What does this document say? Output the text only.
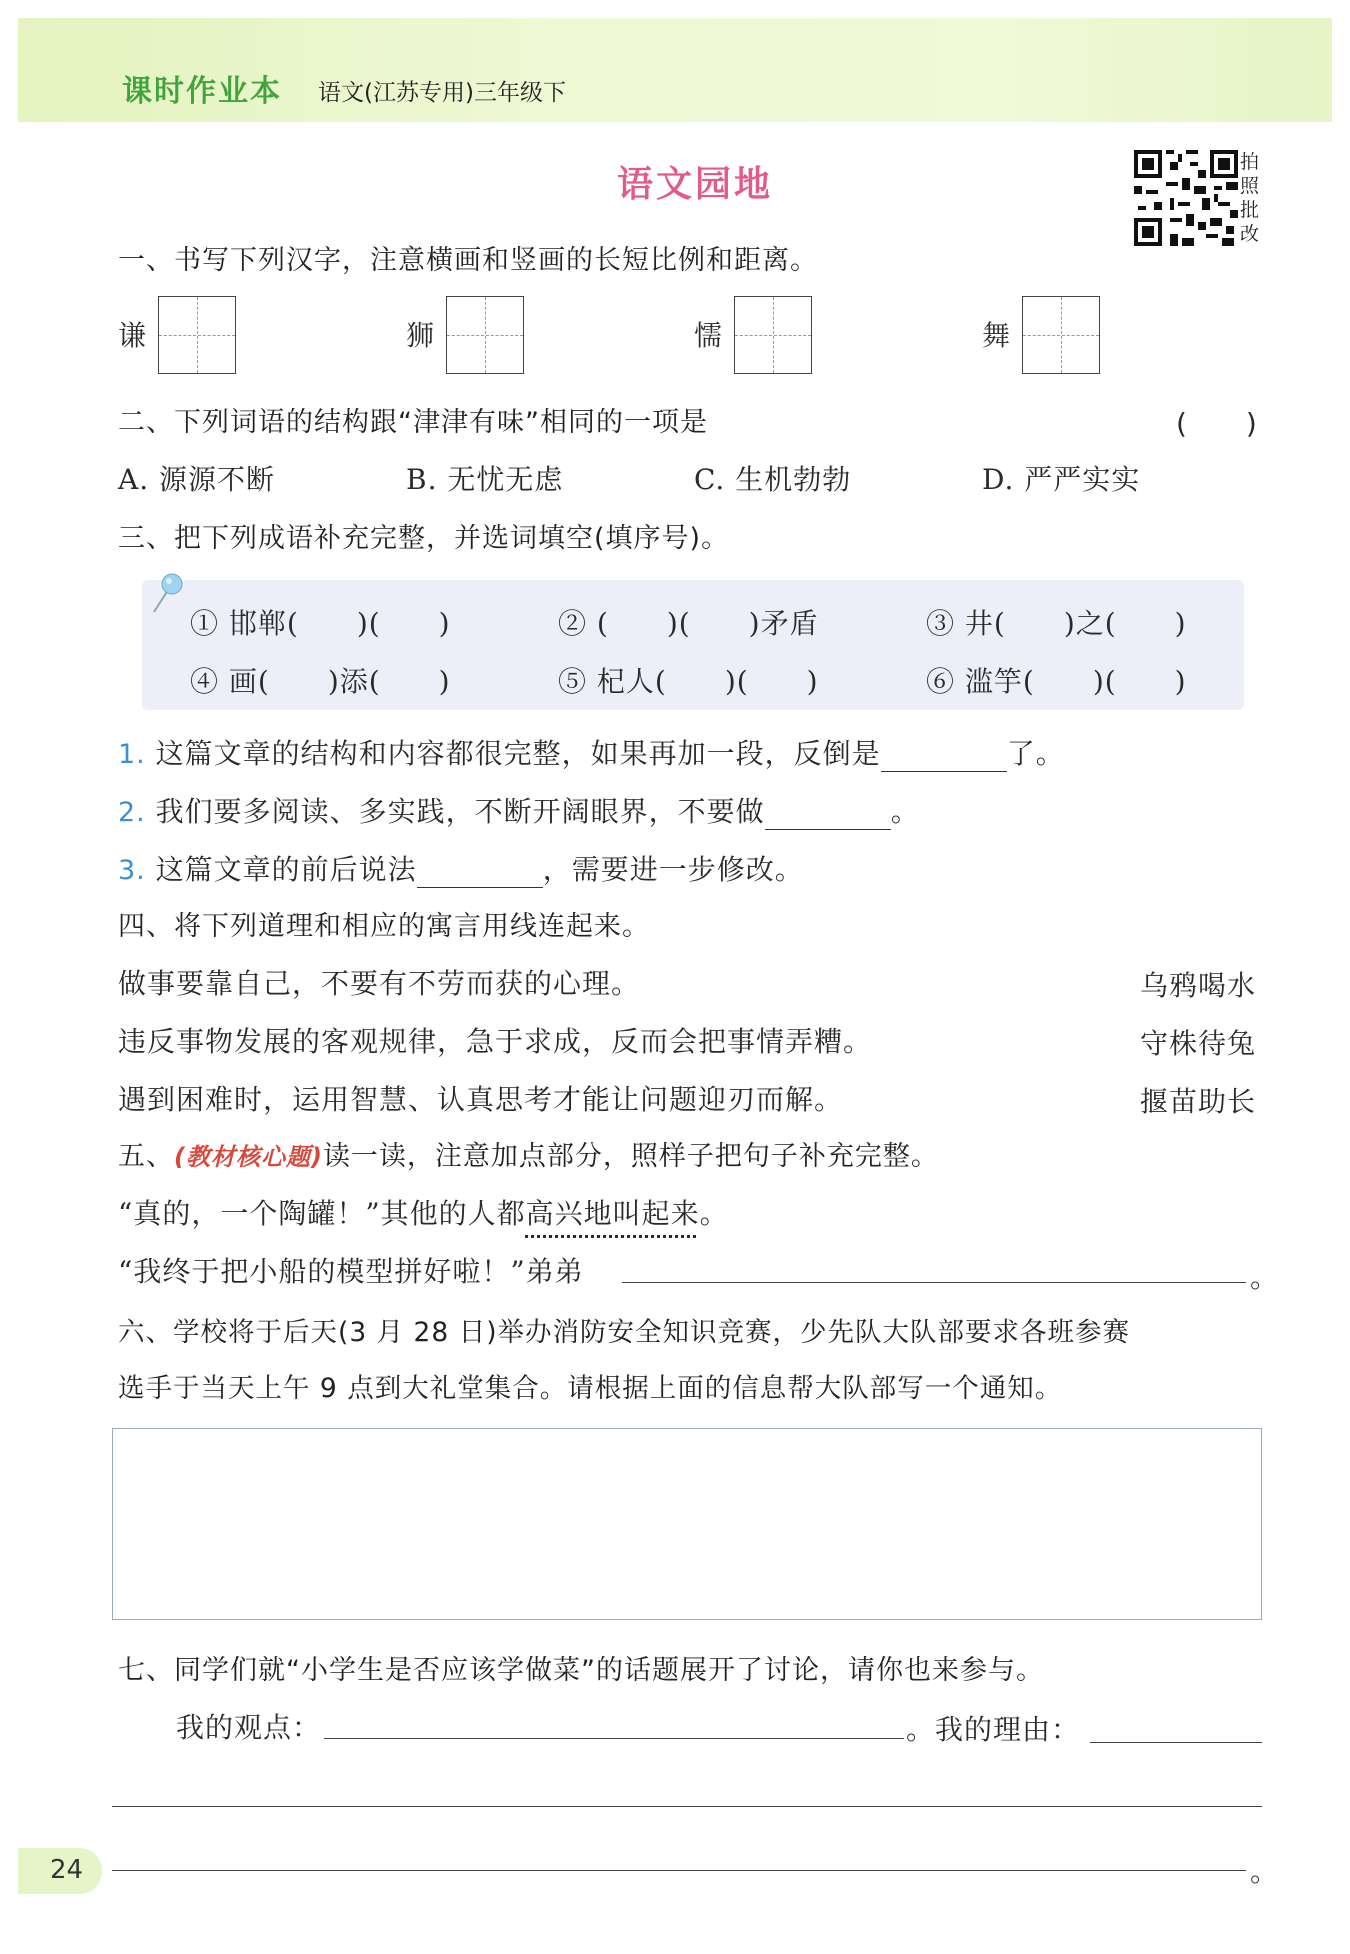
课时作业本 语文(江苏专用)三年级下
语文园地
拍照批改
一、书写下列汉字，注意横画和竖画的长短比例和距离。
谦	狮	懦	舞
二、下列词语的结构跟“津津有味”相同的一项是	(　　)
A. 源源不断	B. 无忧无虑	C. 生机勃勃	D. 严严实实
三、把下列成语补充完整，并选词填空(填序号)。
① 邯郸(　　)(　　)	② (　　)(　　)矛盾	③ 井(　　)之(　　)
④ 画(　　)添(　　)	⑤ 杞人(　　)(　　)	⑥ 滥竽(　　)(　　)
1. 这篇文章的结构和内容都很完整，如果再加一段，反倒是	了。
2. 我们要多阅读、多实践，不断开阔眼界，不要做	。
3. 这篇文章的前后说法	，需要进一步修改。
四、将下列道理和相应的寓言用线连起来。
做事要靠自己，不要有不劳而获的心理。
违反事物发展的客观规律，急于求成，反而会把事情弄糟。
遇到困难时，运用智慧、认真思考才能让问题迎刃而解。
乌鸦喝水
守株待兔
揠苗助长
五、(教材核心题)读一读，注意加点部分，照样子把句子补充完整。
“真的，一个陶罐！”其他的人都高兴地叫起来。
“我终于把小船的模型拼好啦！”弟弟	。
六、学校将于后天(3 月 28 日)举办消防安全知识竞赛，少先队大队部要求各班参赛
选手于当天上午 9 点到大礼堂集合。请根据上面的信息帮大队部写一个通知。
七、同学们就“小学生是否应该学做菜”的话题展开了讨论，请你也来参与。
我的观点：	。我的理由：
。
24
